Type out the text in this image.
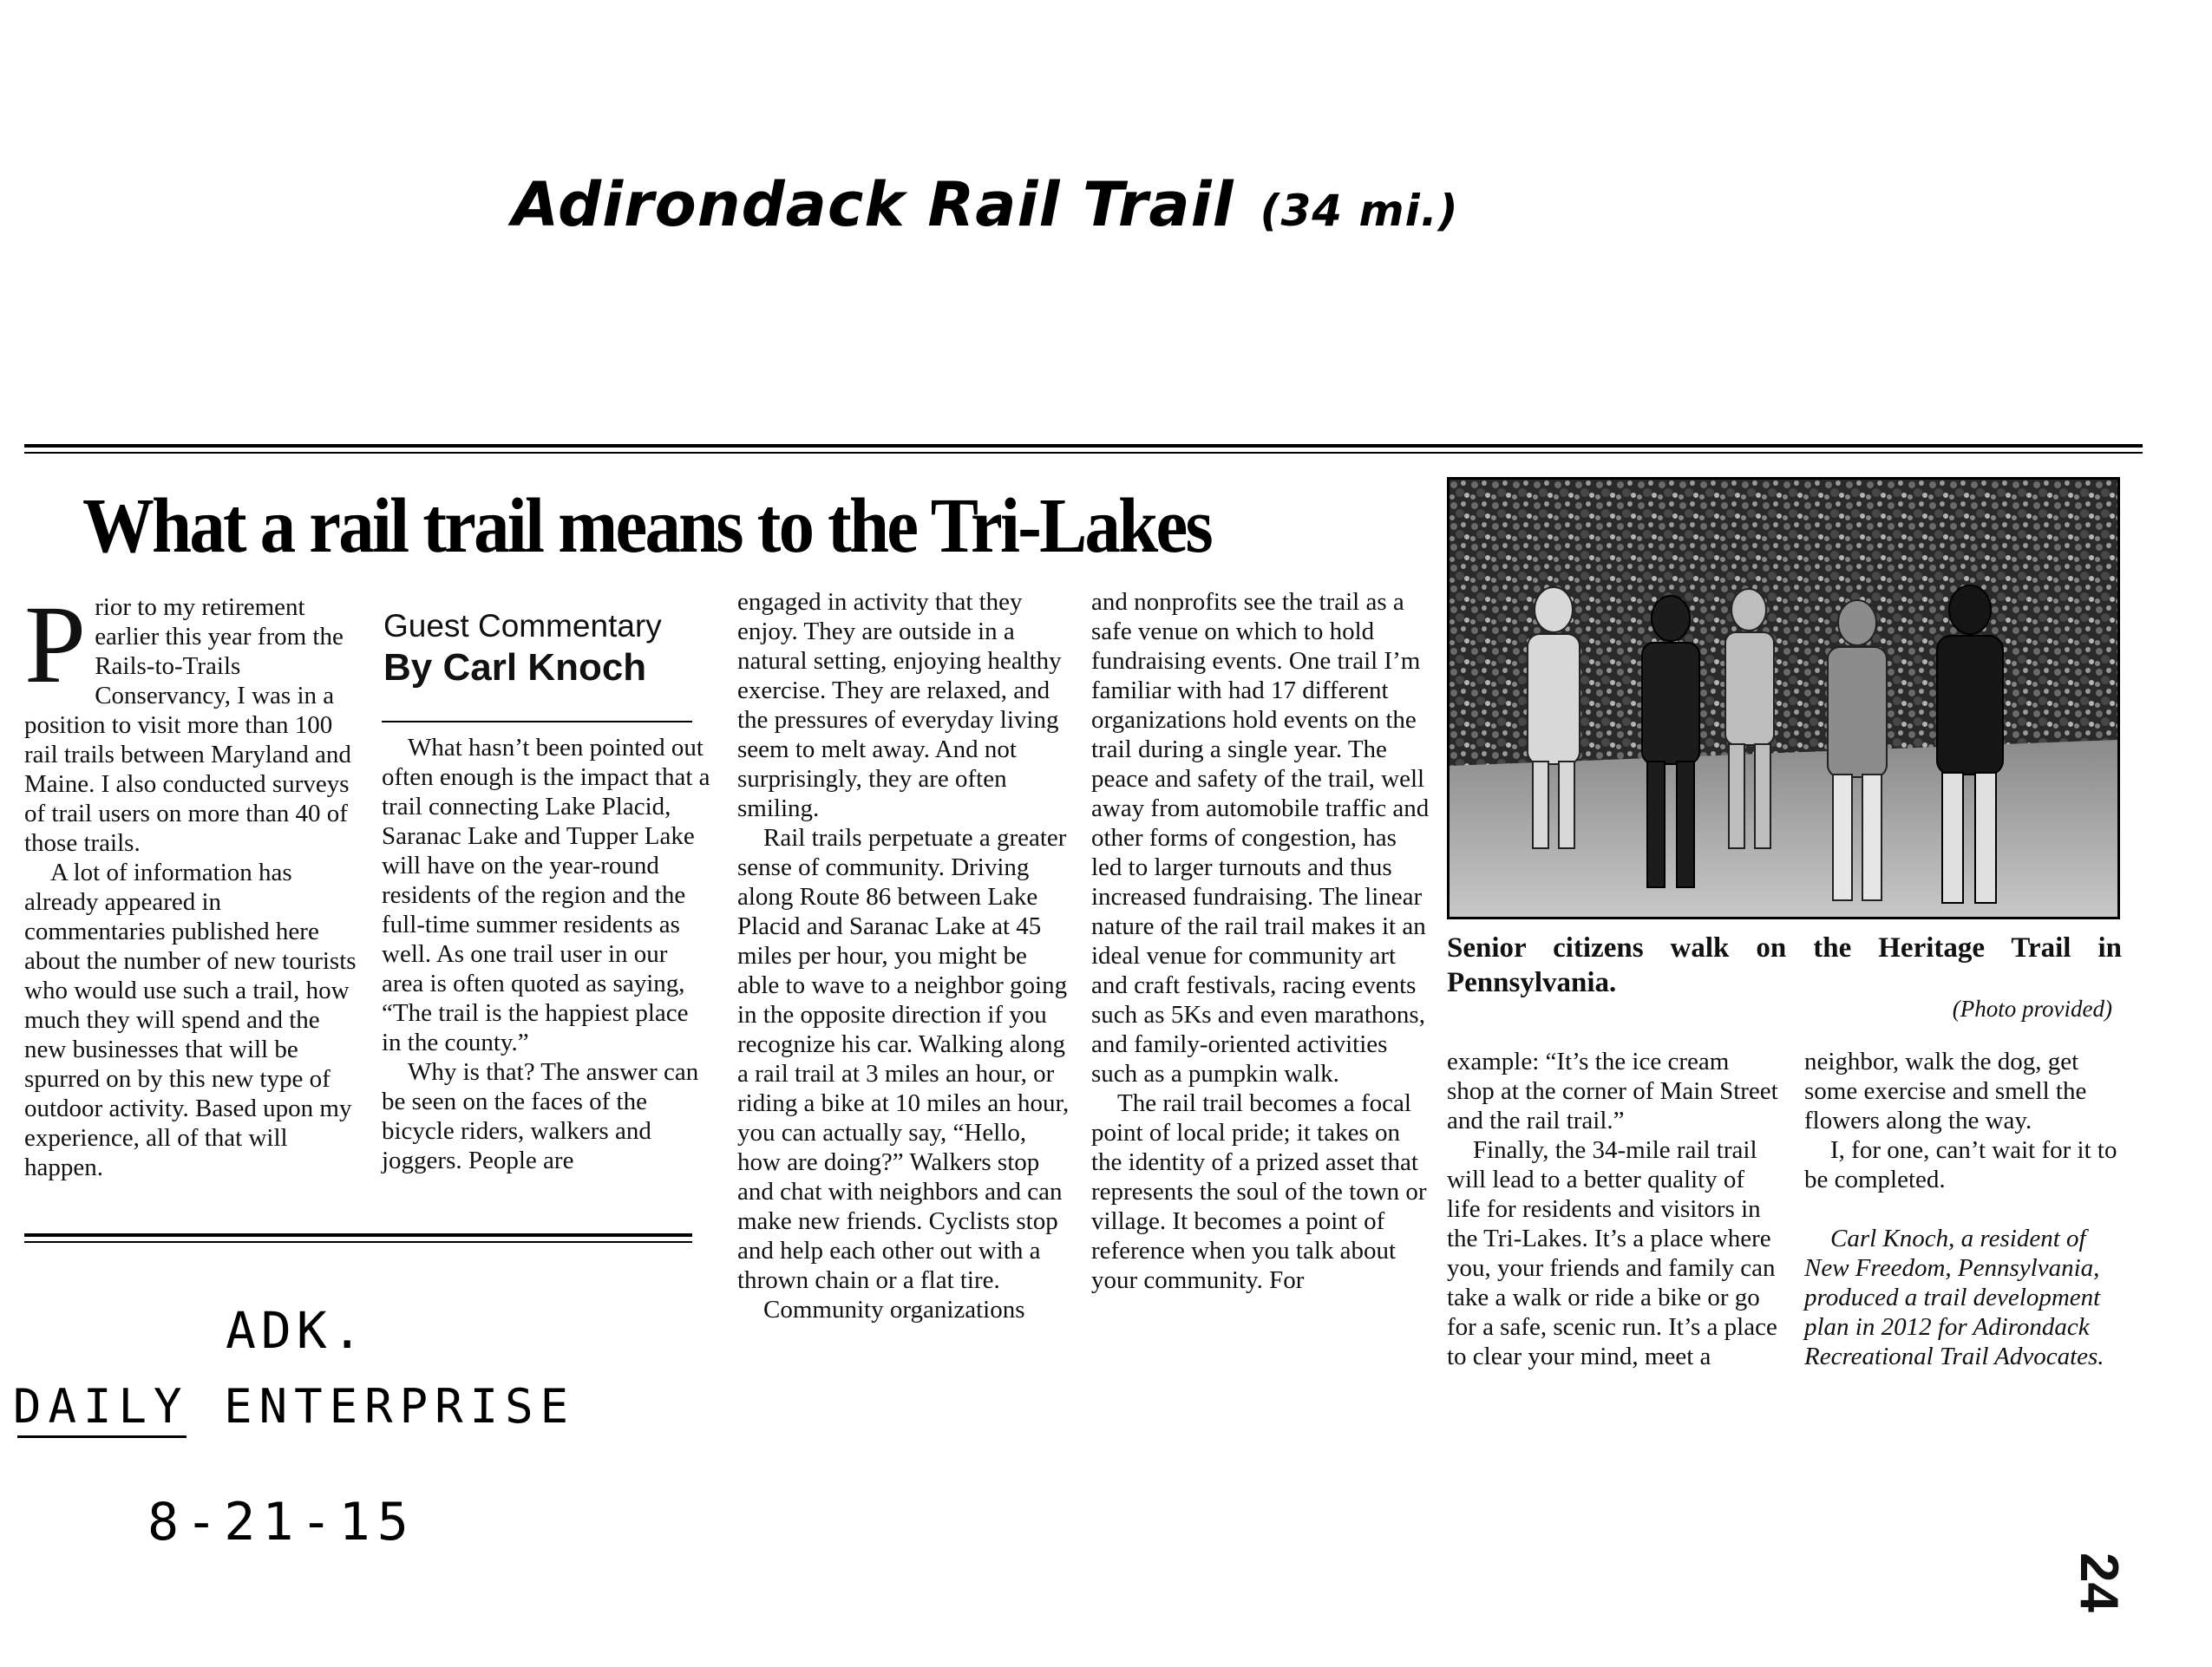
Adirondack Rail Trail (34 mi.)
What a rail trail means to the Tri-Lakes
P rior to my retirement earlier this year from the Rails-to-Trails Conservancy, I was in a position to visit more than 100 rail trails between Maryland and Maine. I also conducted surveys of trail users on more than 40 of those trails.

A lot of information has already appeared in commentaries published here about the number of new tourists who would use such a trail, how much they will spend and the new businesses that will be spurred on by this new type of outdoor activity. Based upon my experience, all of that will happen.

Guest Commentary
By Carl Knoch

What hasn’t been pointed out often enough is the impact that a trail connecting Lake Placid, Saranac Lake and Tupper Lake will have on the year-round residents of the region and the full-time summer residents as well. As one trail user in our area is often quoted as saying, “The trail is the happiest place in the county.”

Why is that? The answer can be seen on the faces of the bicycle riders, walkers and joggers. People are

engaged in activity that they enjoy. They are outside in a natural setting, enjoying healthy exercise. They are relaxed, and the pressures of everyday living seem to melt away. And not surprisingly, they are often smiling.

Rail trails perpetuate a greater sense of community. Driving along Route 86 between Lake Placid and Saranac Lake at 45 miles per hour, you might be able to wave to a neighbor going in the opposite direction if you recognize his car. Walking along a rail trail at 3 miles an hour, or riding a bike at 10 miles an hour, you can actually say, “Hello, how are doing?” Walkers stop and chat with neighbors and can make new friends. Cyclists stop and help each other out with a thrown chain or a flat tire.

Community organizations

and nonprofits see the trail as a safe venue on which to hold fundraising events. One trail I’m familiar with had 17 different organizations hold events on the trail during a single year. The peace and safety of the trail, well away from automobile traffic and other forms of congestion, has led to larger turnouts and thus increased fundraising. The linear nature of the rail trail makes it an ideal venue for community art and craft festivals, racing events such as 5Ks and even marathons, and family-oriented activities such as a pumpkin walk.

The rail trail becomes a focal point of local pride; it takes on the identity of a prized asset that represents the soul of the town or village. It becomes a point of reference when you talk about your community. For

Senior citizens walk on the Heritage Trail in Pennsylvania.
(Photo provided)

example: “It’s the ice cream shop at the corner of Main Street and the rail trail.”

Finally, the 34-mile rail trail will lead to a better quality of life for residents and visitors in the Tri-Lakes. It’s a place where you, your friends and family can take a walk or ride a bike or go for a safe, scenic run. It’s a place to clear your mind, meet a

neighbor, walk the dog, get some exercise and smell the flowers along the way.

I, for one, can’t wait for it to be completed.

Carl Knoch, a resident of New Freedom, Pennsylvania, produced a trail development plan in 2012 for Adirondack Recreational Trail Advocates.

ADK.
DAILY ENTERPRISE
8-21-15
24
